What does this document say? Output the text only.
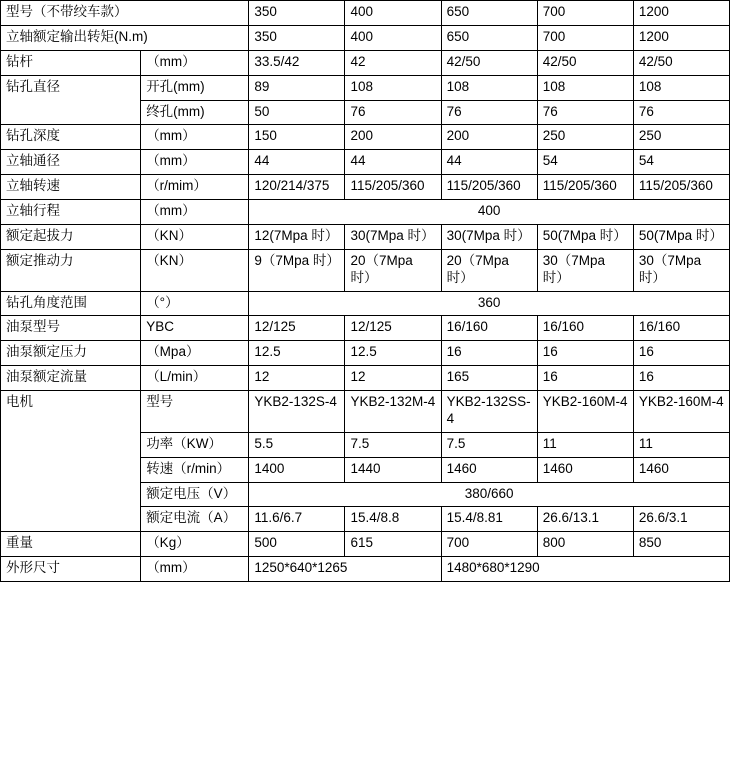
型号（不带绞车款）		350	400	650	700	1200
立轴额定输出转矩(N.m)		350	400	650	700	1200
钻杆	（mm）	33.5/42	42	42/50	42/50	42/50
钻孔直径	开孔(mm)	89	108	108	108	108
	终孔(mm)	50	76	76	76	76
钻孔深度	（mm）	150	200	200	250	250
立轴通径	（mm）	44	44	44	54	54
立轴转速	（r/mim）	120/214/375	115/205/360	115/205/360	115/205/360	115/205/360
立轴行程	（mm）	400				
额定起拔力	（KN）	12(7Mpa 时）	30(7Mpa 时）	30(7Mpa 时）	50(7Mpa 时）	50(7Mpa 时）
额定推动力	（KN）	9（7Mpa 时）	20（7Mpa 时）	20（7Mpa 时）	30（7Mpa 时）	30（7Mpa 时）
钻孔角度范围	（°）	360				
油泵型号	YBC	12/125	12/125	16/160	16/160	16/160
油泵额定压力	（Mpa）	12.5	12.5	16	16	16
油泵额定流量	（L/min）	12	12	165	16	16
电机	型号	YKB2-132S-4	YKB2-132M-4	YKB2-132SS-4	YKB2-160M-4	YKB2-160M-4
	功率（KW）	5.5	7.5	7.5	11	11
	转速（r/min）	1400	1440	1460	1460	1460
	额定电压（V）	380/660				
	额定电流（A）	11.6/6.7	15.4/8.8	15.4/8.81	26.6/13.1	26.6/3.1
重量	（Kg）	500	615	700	800	850
外形尺寸	（mm）	1250*640*1265		1480*680*1290		
